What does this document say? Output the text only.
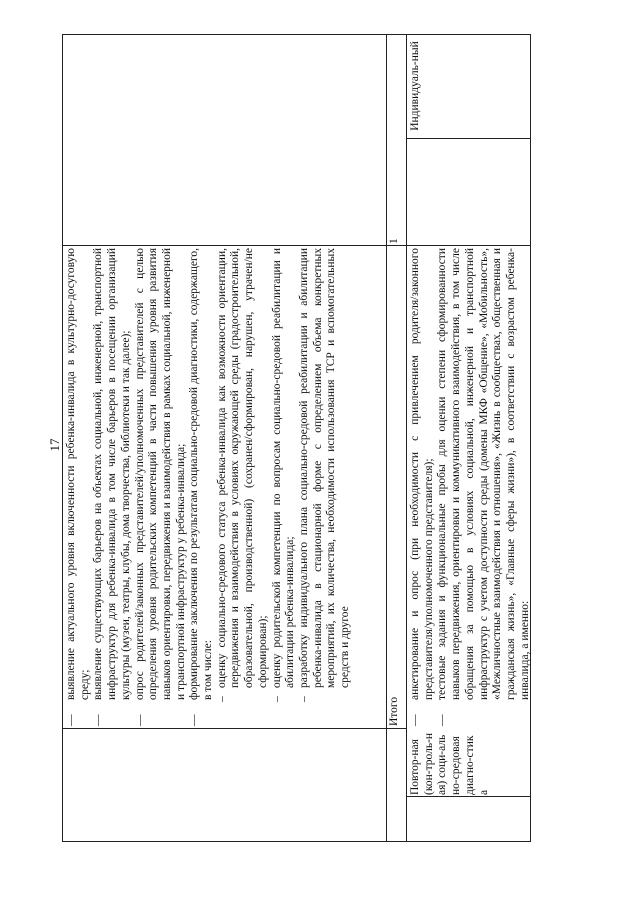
17

—
выявление актуального уровня включенности ребенка-инвалида в культурно-досуговую среду;

—
выявление существующих барьеров на объектах социальной, инженерной, транспортной инфраструктур для ребенка-инвалида в том числе барьеров в посещении организаций культуры (музеи, театры, клубы, дома творчества, библиотеки и так далее);

—
опрос родителей/законных представителей/уполномоченных представителей с целью определения уровня родительских компетенций в части повышения уровня развития навыков ориентировки, передвижения и взаимодействия в рамках социальной, инженерной и транспортной инфраструктур у ребенка-инвалида;

—
формирование заключения по результатам социально-средовой диагностики, содержащего, в том числе: –
оценку социально-средового статуса ребенка-инвалида как возможности ориентации, передвижения и взаимодействия в условиях окружающей среды (градостроительной, образовательной, производственной) (сохранен/сформирован, нарушен, утрачен/не сформирован);

–
оценку родительской компетенции по вопросам социально-средовой реабилитации и абилитации ребенка-инвалида;

–
разработку индивидуального плана социально-средовой реабилитации и абилитации ребенка-инвалида в стационарной форме с определением объема конкретных мероприятий, их количества, необходимости использования ТСР и вспомогательных средств и другое

Итого

1

Повтор-ная (кон-троль-ная) соци-ально-средовая диагно-стика

—
анкетирование и опрос (при необходимости с привлечением родителя/законного представителя/уполномоченного представителя);

—
тестовые задания и функциональные пробы для оценки степени сформированности навыков передвижения, ориентировки и коммуникативного взаимодействия, в том числе обращения за помощью в условиях социальной, инженерной и транспортной инфраструктур с учетом доступности среды (домены МКФ «Общение», «Мобильность», «Межличностные взаимодействия и отношения», «Жизнь в сообществах, общественная и гражданская жизнь», «Главные сферы жизни»), в соответствии с возрастом ребенка-инвалида, а именно:

Индивидуаль-ный
